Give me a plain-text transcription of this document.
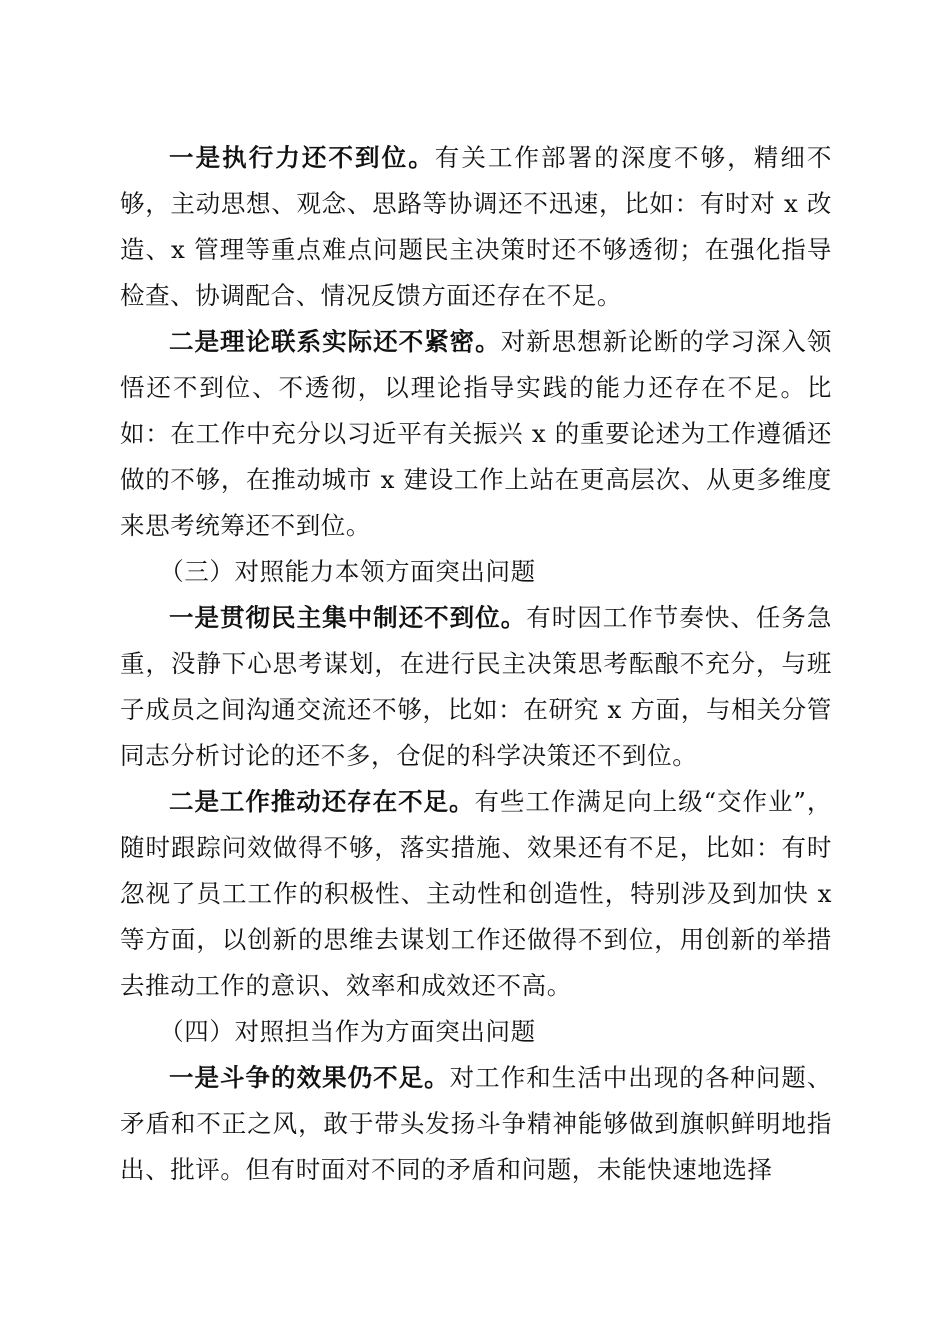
一是执行力还不到位。有关工作部署的深度不够，精细不够，主动思想、观念、思路等协调还不迅速，比如：有时对 x 改造、x 管理等重点难点问题民主决策时还不够透彻；在强化指导检查、协调配合、情况反馈方面还存在不足。

二是理论联系实际还不紧密。对新思想新论断的学习深入领悟还不到位、不透彻，以理论指导实践的能力还存在不足。比如：在工作中充分以习近平有关振兴 x 的重要论述为工作遵循还做的不够，在推动城市 x 建设工作上站在更高层次、从更多维度来思考统筹还不到位。

（三）对照能力本领方面突出问题

一是贯彻民主集中制还不到位。有时因工作节奏快、任务急重，没静下心思考谋划，在进行民主决策思考酝酿不充分，与班子成员之间沟通交流还不够，比如：在研究 x 方面，与相关分管同志分析讨论的还不多，仓促的科学决策还不到位。

二是工作推动还存在不足。有些工作满足向上级“交作业”，随时跟踪问效做得不够，落实措施、效果还有不足，比如：有时忽视了员工工作的积极性、主动性和创造性，特别涉及到加快 x 等方面，以创新的思维去谋划工作还做得不到位，用创新的举措去推动工作的意识、效率和成效还不高。

（四）对照担当作为方面突出问题

一是斗争的效果仍不足。对工作和生活中出现的各种问题、矛盾和不正之风，敢于带头发扬斗争精神能够做到旗帜鲜明地指出、批评。但有时面对不同的矛盾和问题，未能快速地选择
